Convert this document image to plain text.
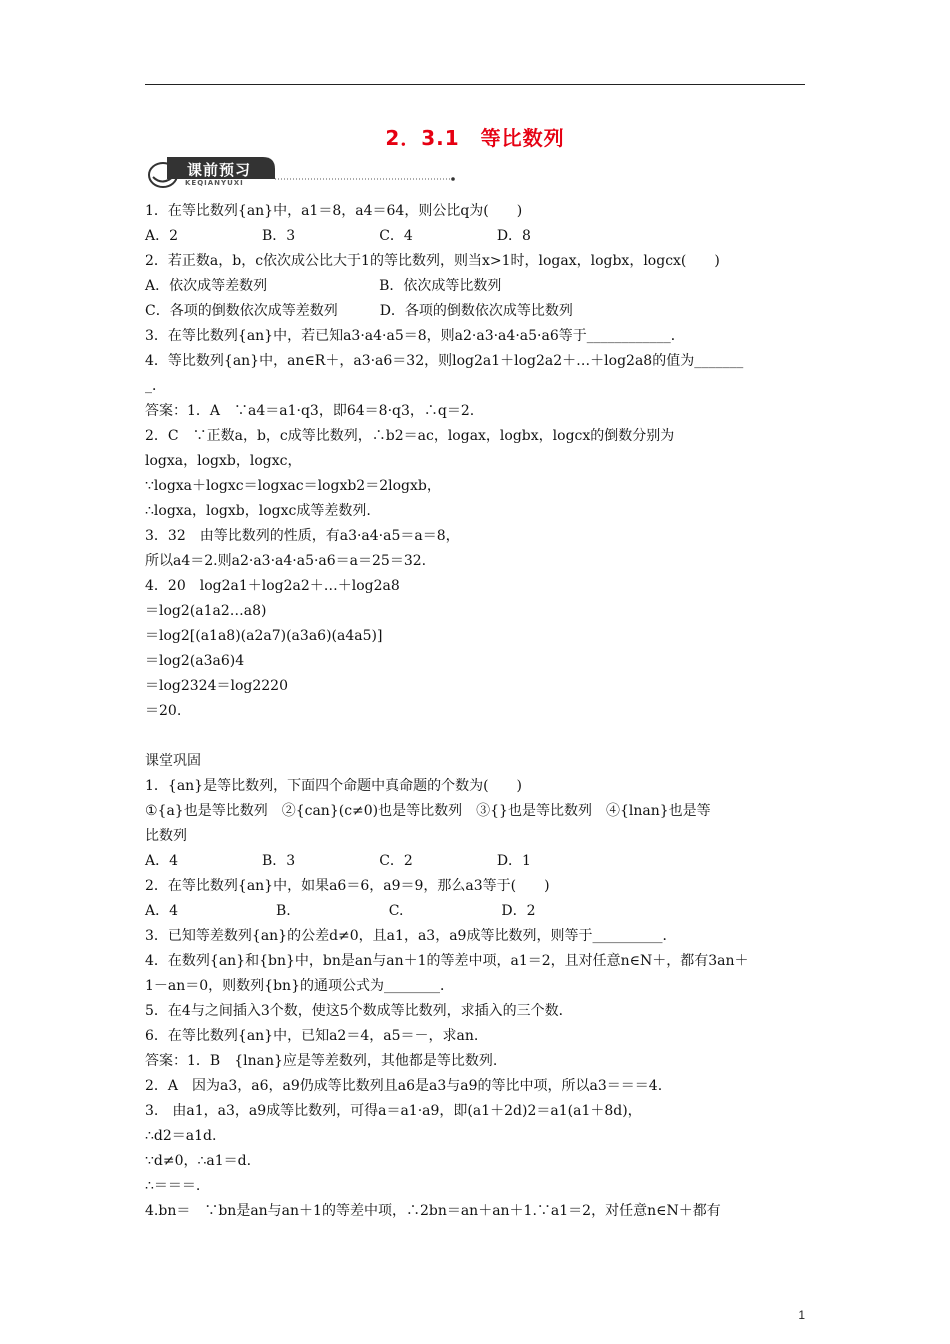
2．3.1　等比数列
课前预习
KEQIANYUXI
1．在等比数列{an}中，a1＝8，a4＝64，则公比q为(　　)
A．2　　　　　　B．3　　　　　　C．4　　　　　　D．8
2．若正数a，b，c依次成公比大于1的等比数列，则当x>1时，logax，logbx，logcx(　　)
A．依次成等差数列　　　　　　　　B．依次成等比数列
C．各项的倒数依次成等差数列　　　D．各项的倒数依次成等比数列
3．在等比数列{an}中，若已知a3·a4·a5＝8，则a2·a3·a4·a5·a6等于____________．
4．等比数列{an}中，an∈R＋，a3·a6＝32，则log2a1＋log2a2＋…＋log2a8的值为_______
_．
答案：1．A　∵a4＝a1·q3，即64＝8·q3，∴q＝2.
2．C　∵正数a，b，c成等比数列，∴b2＝ac，logax，logbx，logcx的倒数分别为
logxa，logxb，logxc，
∵logxa＋logxc＝logxac＝logxb2＝2logxb，
∴logxa，logxb，logxc成等差数列.
3．32　由等比数列的性质，有a3·a4·a5＝a＝8，
所以a4＝2.则a2·a3·a4·a5·a6＝a＝25＝32.
4．20　log2a1＋log2a2＋…＋log2a8
＝log2(a1a2…a8)
＝log2[(a1a8)(a2a7)(a3a6)(a4a5)]
＝log2(a3a6)4
＝log2324＝log2220
＝20.
课堂巩固
1．{an}是等比数列，下面四个命题中真命题的个数为(　　)
①{a}也是等比数列　②{can}(c≠0)也是等比数列　③{}也是等比数列　④{lnan}也是等
比数列
A．4　　　　　　B．3　　　　　　C．2　　　　　　D．1
2．在等比数列{an}中，如果a6＝6，a9＝9，那么a3等于(　　)
A．4　　　　　　　B.　　　　　　　C.　　　　　　　D．2
3．已知等差数列{an}的公差d≠0，且a1，a3，a9成等比数列，则等于__________．
4．在数列{an}和{bn}中，bn是an与an＋1的等差中项，a1＝2，且对任意n∈N＋，都有3an＋
1－an＝0，则数列{bn}的通项公式为________．
5．在4与之间插入3个数，使这5个数成等比数列，求插入的三个数．
6．在等比数列{an}中，已知a2＝4，a5＝－，求an.
答案：1．B　{lnan}应是等差数列，其他都是等比数列.
2．A　因为a3，a6，a9仍成等比数列且a6是a3与a9的等比中项，所以a3＝＝＝4.
3.　由a1，a3，a9成等比数列，可得a＝a1·a9，即(a1＋2d)2＝a1(a1＋8d)，
∴d2＝a1d.
∵d≠0，∴a1＝d.
∴＝＝＝.
4.bn＝　∵bn是an与an＋1的等差中项，∴2bn＝an＋an＋1.∵a1＝2，对任意n∈N＋都有
1
